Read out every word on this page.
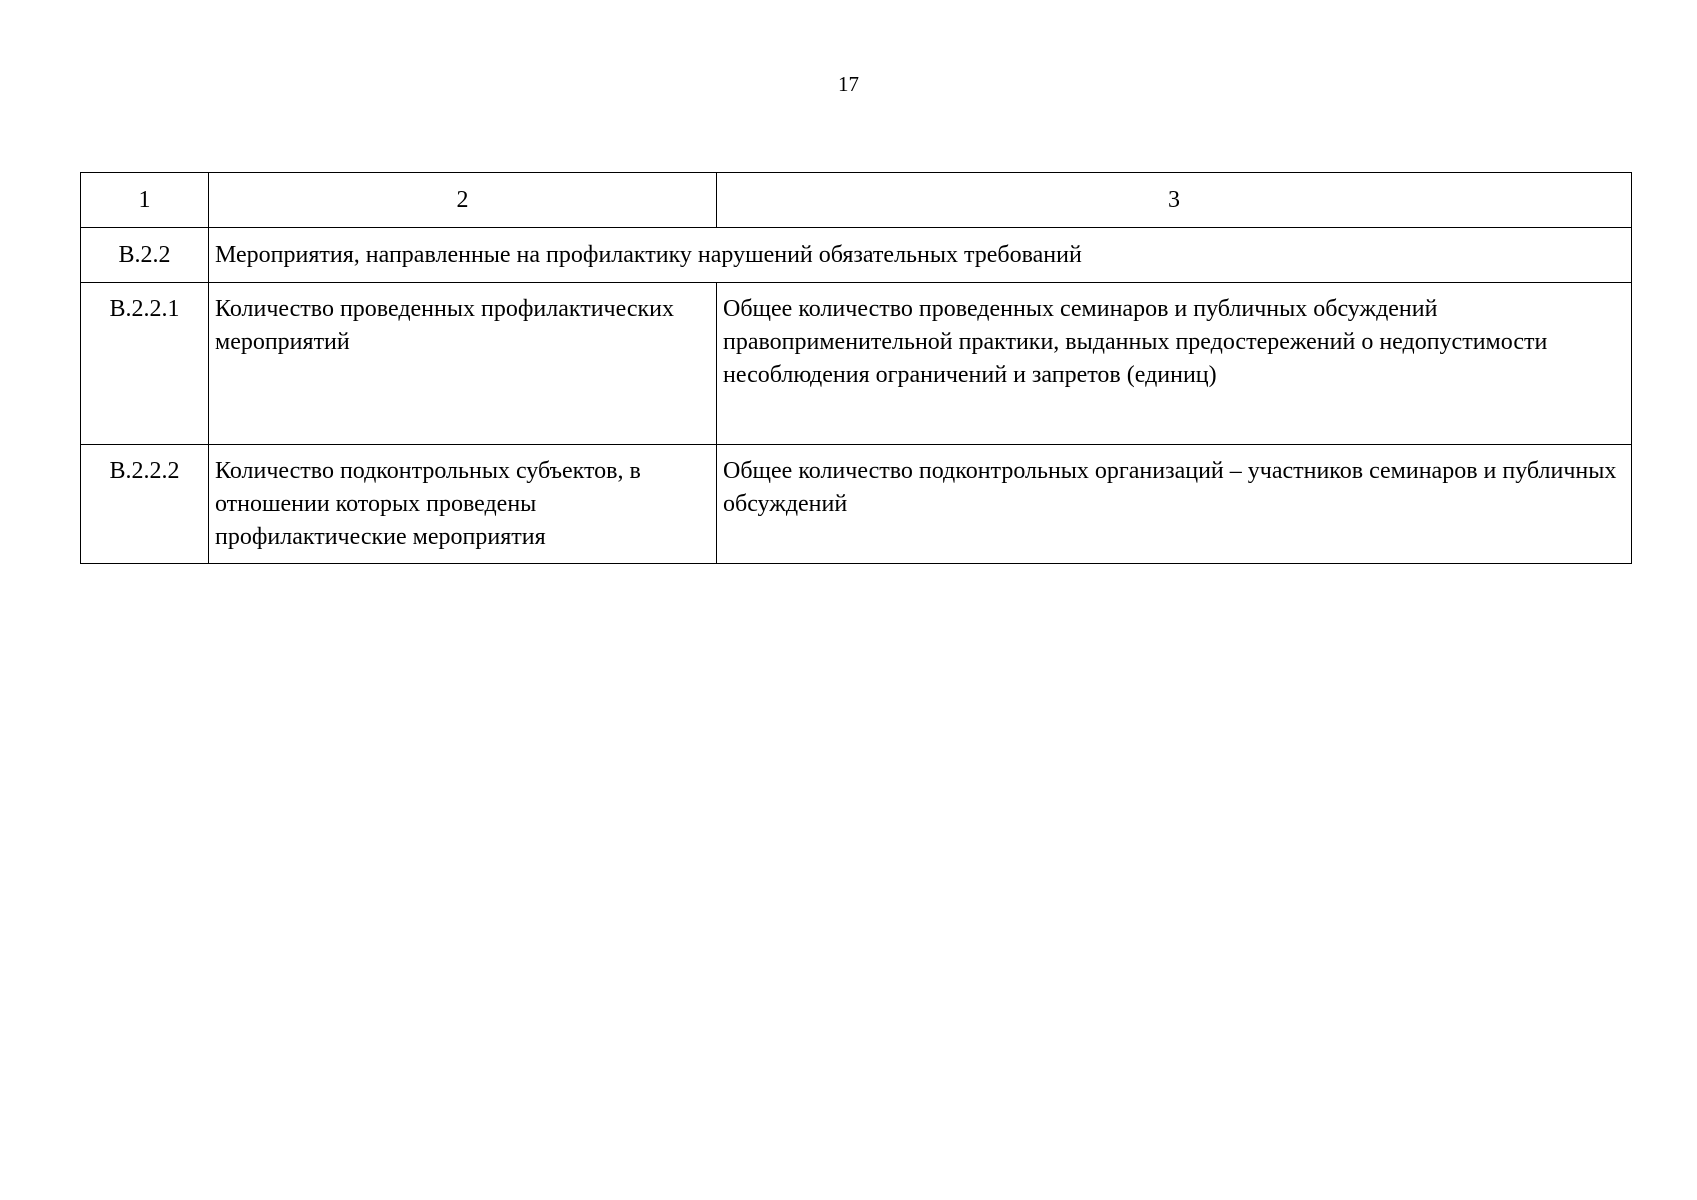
17
1	2	3
В.2.2	Мероприятия, направленные на профилактику нарушений обязательных требований	
В.2.2.1	Количество проведенных профилактических мероприятий	Общее количество проведенных семинаров и публичных обсуждений правоприменительной практики, выданных предостережений о недопустимости несоблюдения ограничений и запретов (единиц)
В.2.2.2	Количество подконтрольных субъектов, в отношении которых проведены профилактические мероприятия	Общее количество подконтрольных организаций – участников семинаров и публичных обсуждений
